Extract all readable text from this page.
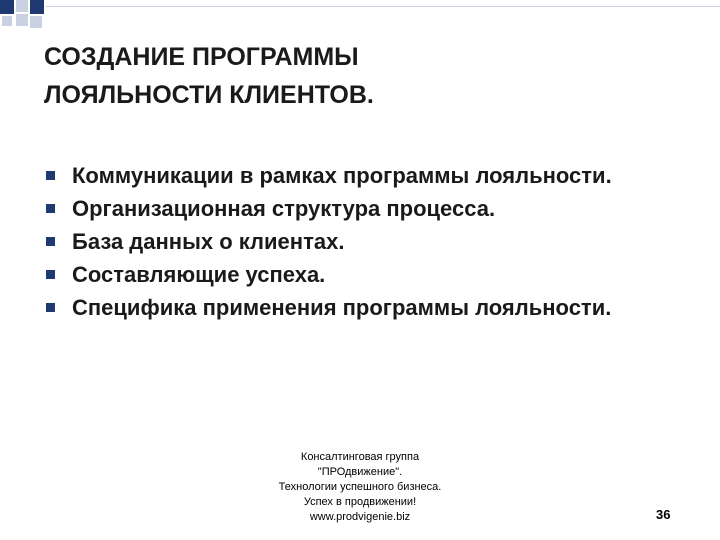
СОЗДАНИЕ ПРОГРАММЫ
ЛОЯЛЬНОСТИ КЛИЕНТОВ.
Коммуникации в рамках программы лояльности.
Организационная структура процесса.
База данных о клиентах.
Составляющие успеха.
Специфика применения программы лояльности.
Консалтинговая группа
"ПРОдвижение".
Технологии успешного бизнеса.
Успех в продвижении!
www.prodvigenie.biz	36
